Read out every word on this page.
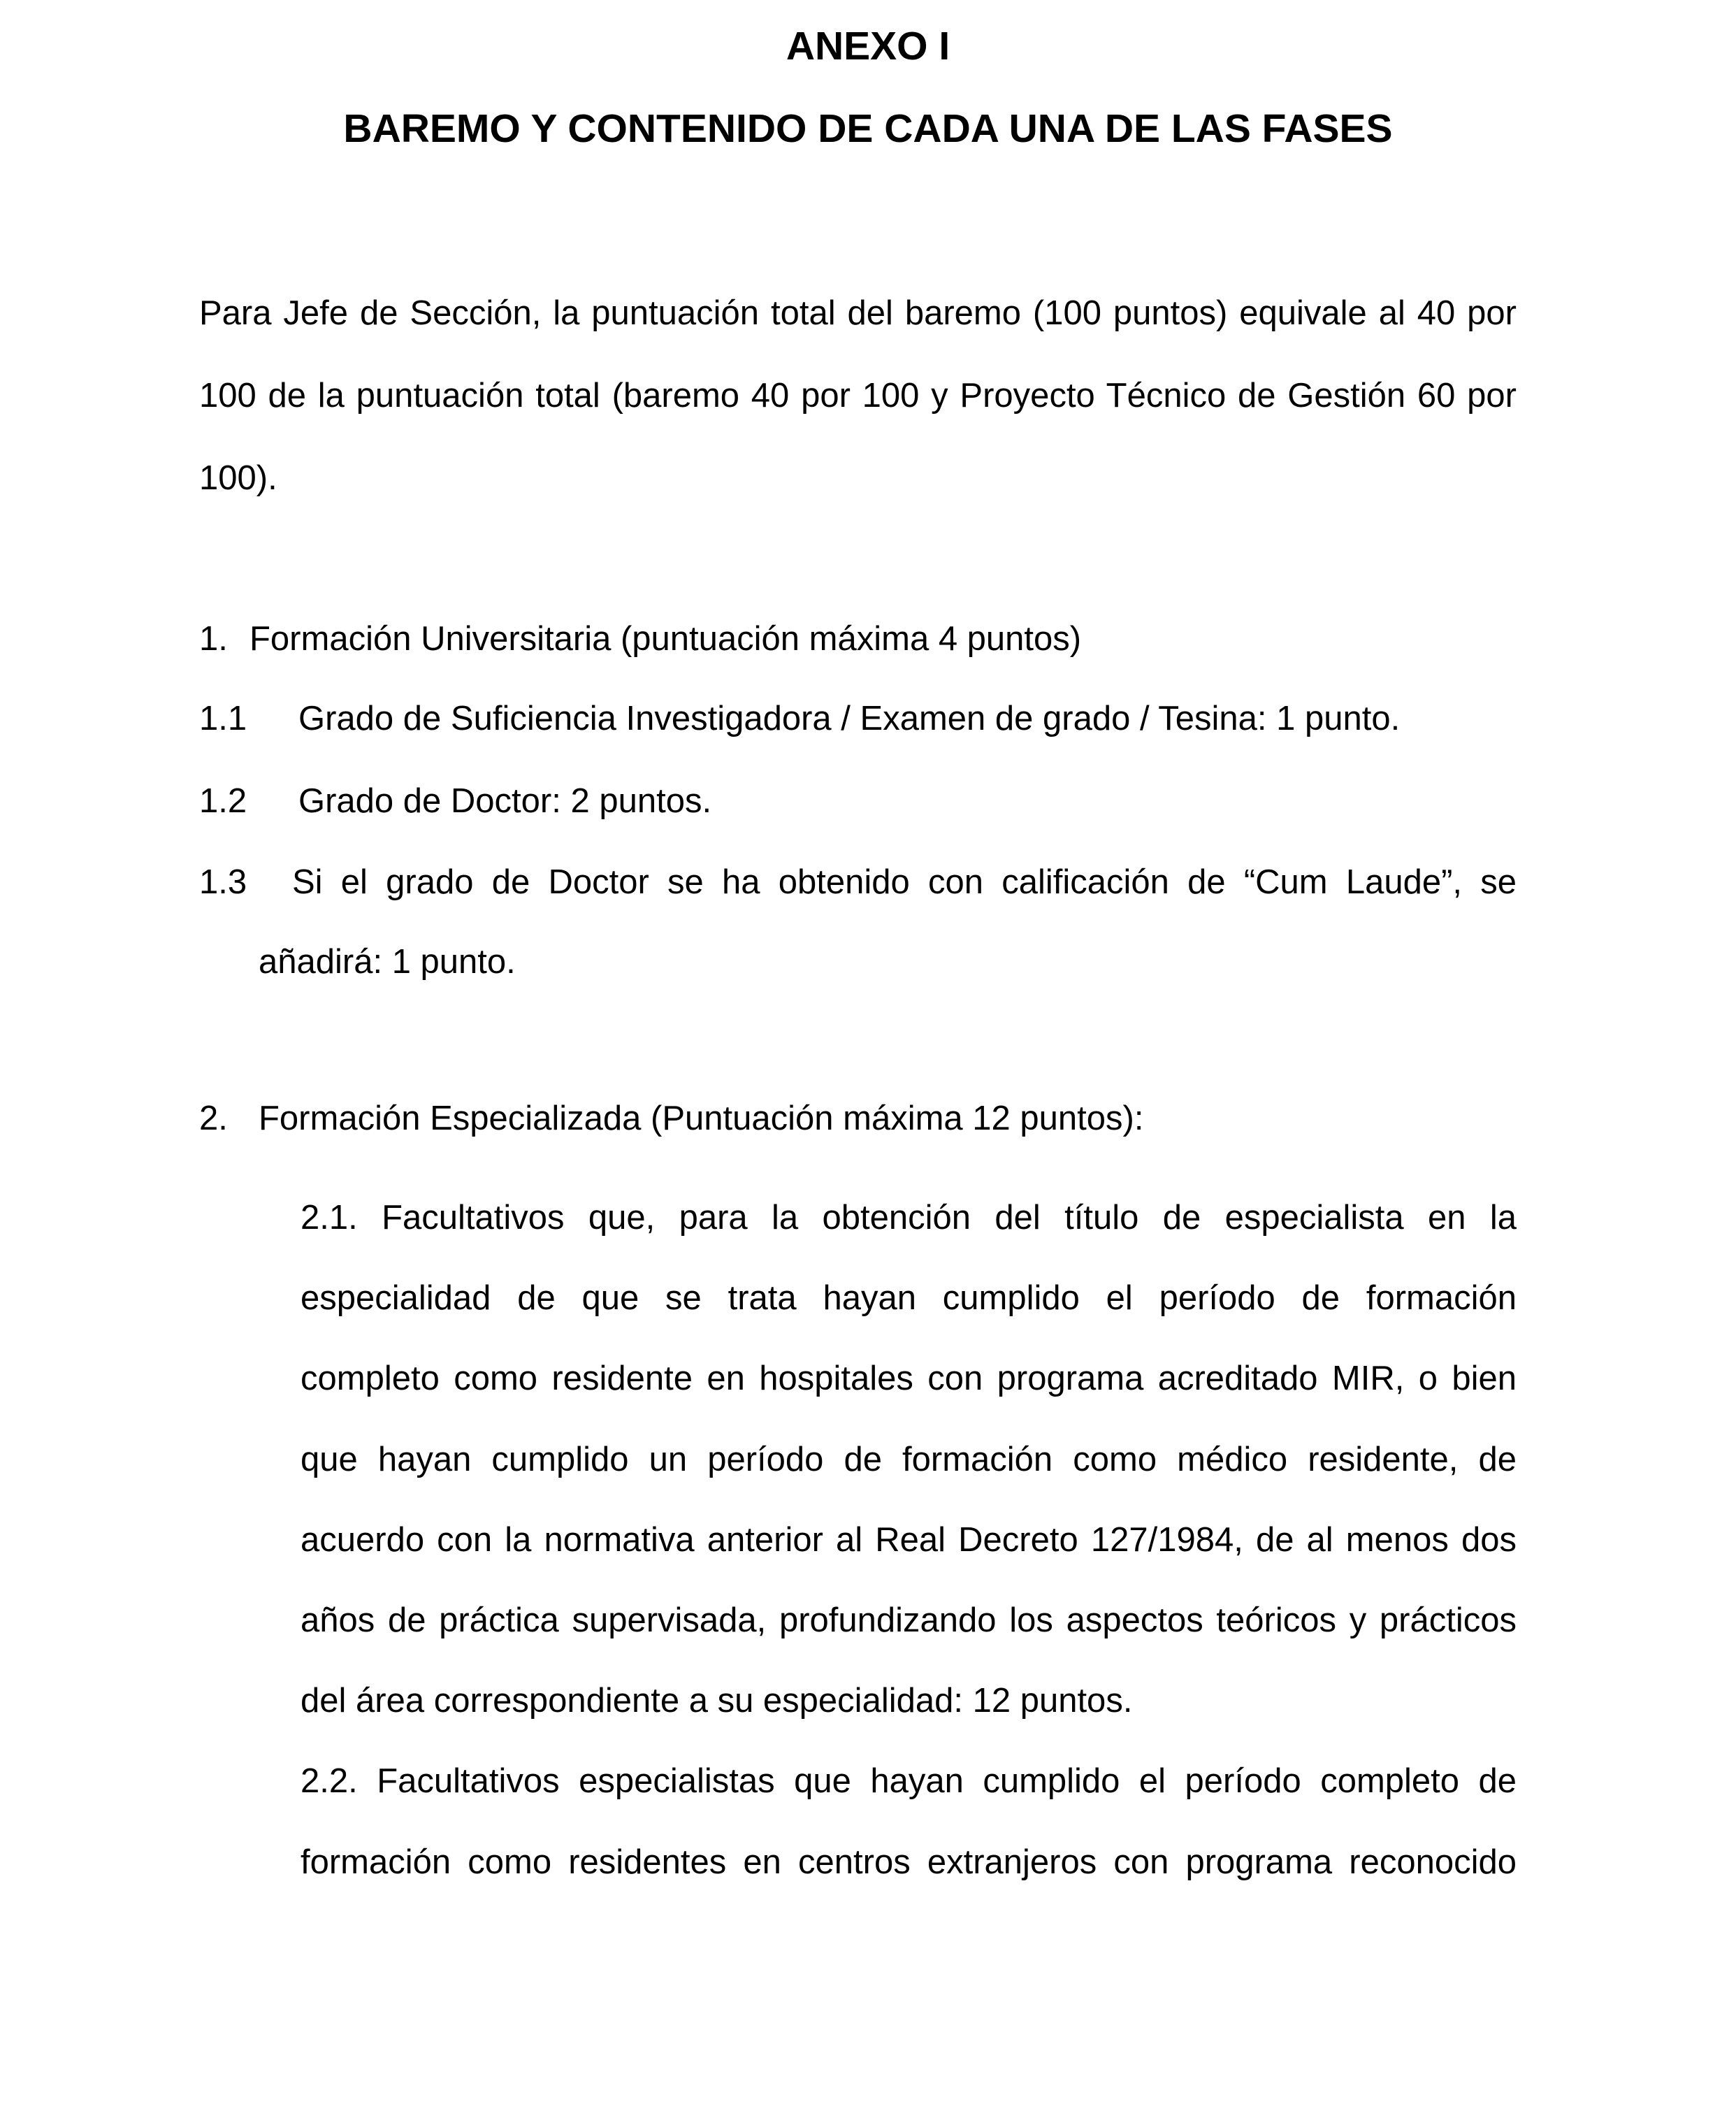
ANEXO I
BAREMO Y CONTENIDO DE CADA UNA DE LAS FASES
Para Jefe de Sección, la puntuación total del baremo (100 puntos) equivale al 40 por
100 de la puntuación total (baremo 40 por 100 y Proyecto Técnico de Gestión 60 por
100).
1. Formación Universitaria (puntuación máxima 4 puntos)
1.1 Grado de Suficiencia Investigadora / Examen de grado / Tesina: 1 punto.
1.2 Grado de Doctor: 2 puntos.
1.3 Si el grado de Doctor se ha obtenido con calificación de “Cum Laude”, se
añadirá: 1 punto.
2. Formación Especializada (Puntuación máxima 12 puntos):
2.1. Facultativos que, para la obtención del título de especialista en la
especialidad de que se trata hayan cumplido el período de formación
completo como residente en hospitales con programa acreditado MIR, o bien
que hayan cumplido un período de formación como médico residente, de
acuerdo con la normativa anterior al Real Decreto 127/1984, de al menos dos
años de práctica supervisada, profundizando los aspectos teóricos y prácticos
del área correspondiente a su especialidad: 12 puntos.
2.2. Facultativos especialistas que hayan cumplido el período completo de
formación como residentes en centros extranjeros con programa reconocido
